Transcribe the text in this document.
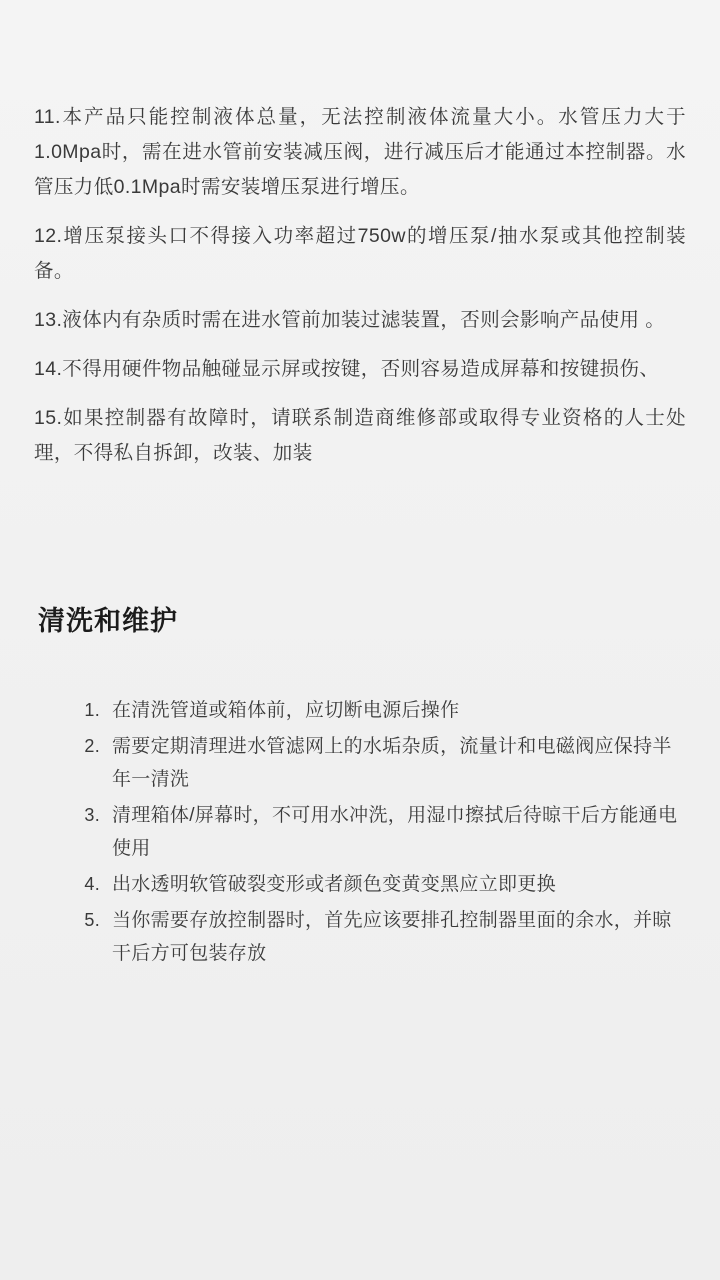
11.本产品只能控制液体总量，无法控制液体流量大小。水管压力大于1.0Mpa时，需在进水管前安装减压阀，进行减压后才能通过本控制器。水管压力低0.1Mpa时需安装增压泵进行增压。

12.增压泵接头口不得接入功率超过750w的增压泵/抽水泵或其他控制装备。

13.液体内有杂质时需在进水管前加装过滤装置，否则会影响产品使用 。

14.不得用硬件物品触碰显示屏或按键，否则容易造成屏幕和按键损伤、

15.如果控制器有故障时，请联系制造商维修部或取得专业资格的人士处理，不得私自拆卸，改装、加装

清洗和维护
在清洗管道或箱体前，应切断电源后操作
需要定期清理进水管滤网上的水垢杂质，流量计和电磁阀应保持半年一清洗
清理箱体/屏幕时，不可用水冲洗，用湿巾擦拭后待晾干后方能通电使用
出水透明软管破裂变形或者颜色变黄变黑应立即更换
当你需要存放控制器时，首先应该要排孔控制器里面的余水，并晾干后方可包装存放
